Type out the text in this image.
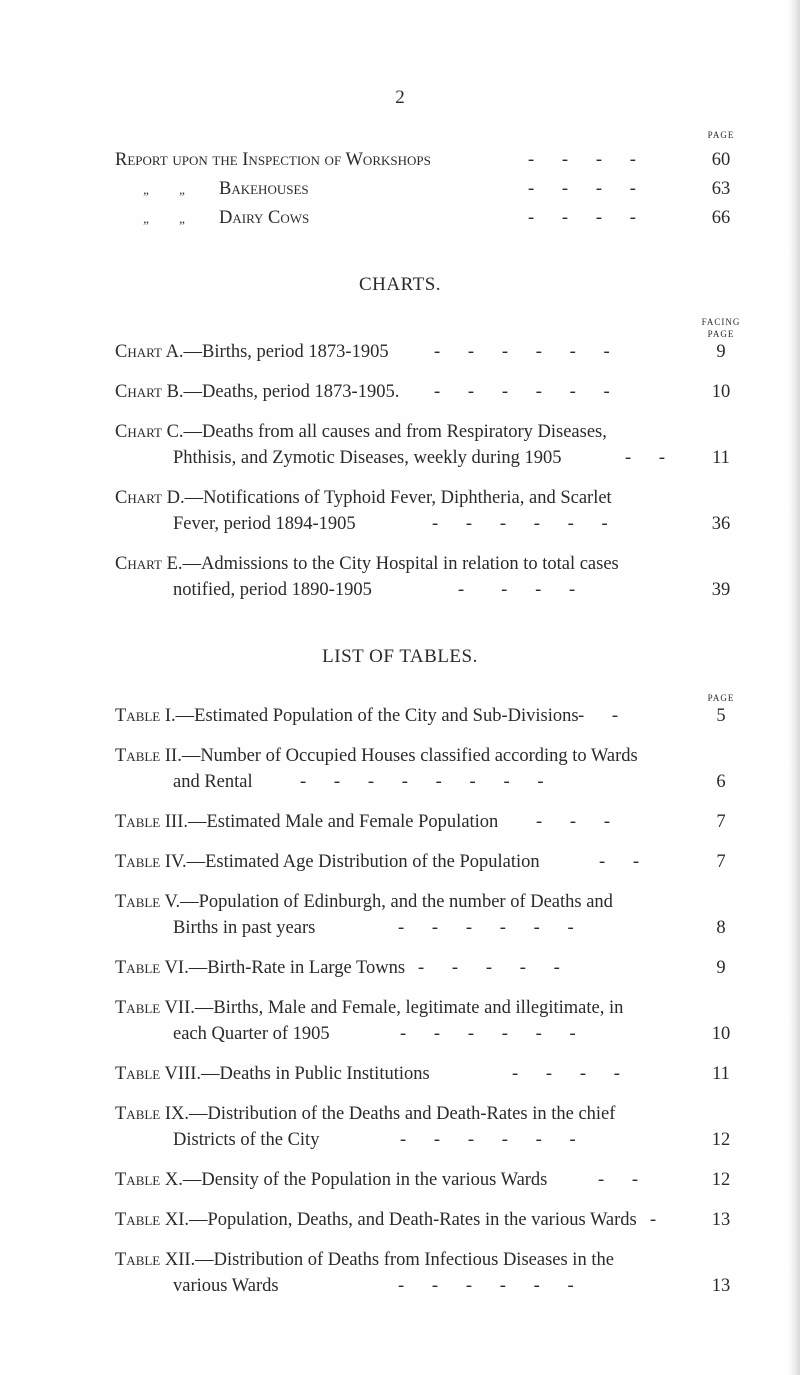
2
PAGE
Report upon the Inspection of Workshops	-      -      -      -	60
„ „	Bakehouses	-      -      -      -	63
„ „	Dairy Cows	-      -      -      -	66
CHARTS.
FACING
PAGE
Chart A.—Births, period 1873-1905 -      -      -      -      -      -	9
Chart B.—Deaths, period 1873-1905. -      -      -      -      -      -	10
Chart C.—Deaths from all causes and from Respiratory Diseases,
Phthisis, and Zymotic Diseases, weekly during 1905	-      -	11
Chart D.—Notifications of Typhoid Fever, Diphtheria, and Scarlet
Fever, period 1894-1905	-      -      -      -      -      -	36
Chart E.—Admissions to the City Hospital in relation to total cases
notified, period 1890-1905	-        -      -      -	39
LIST OF TABLES.
PAGE
Table I.—Estimated Population of the City and Sub-Divisions -      -	5
Table II.—Number of Occupied Houses classified according to Wards
and Rental	-      -      -      -      -      -      -      -	6
Table III.—Estimated Male and Female Population -      -      -	7
Table IV.—Estimated Age Distribution of the Population	-      -	7
Table V.—Population of Edinburgh, and the number of Deaths and
Births in past years	-      -      -      -      -      -	8
Table VI.—Birth-Rate in Large Towns -      -      -      -      -	9
Table VII.—Births, Male and Female, legitimate and illegitimate, in
each Quarter of 1905	-      -      -      -      -      -	10
Table VIII.—Deaths in Public Institutions	-      -      -      -	11
Table IX.—Distribution of the Deaths and Death-Rates in the chief
Districts of the City	-      -      -      -      -      -	12
Table X.—Density of the Population in the various Wards	-      -	12
Table XI.—Population, Deaths, and Death-Rates in the various Wards -	13
Table XII.—Distribution of Deaths from Infectious Diseases in the
various Wards	-      -      -      -      -      -	13
